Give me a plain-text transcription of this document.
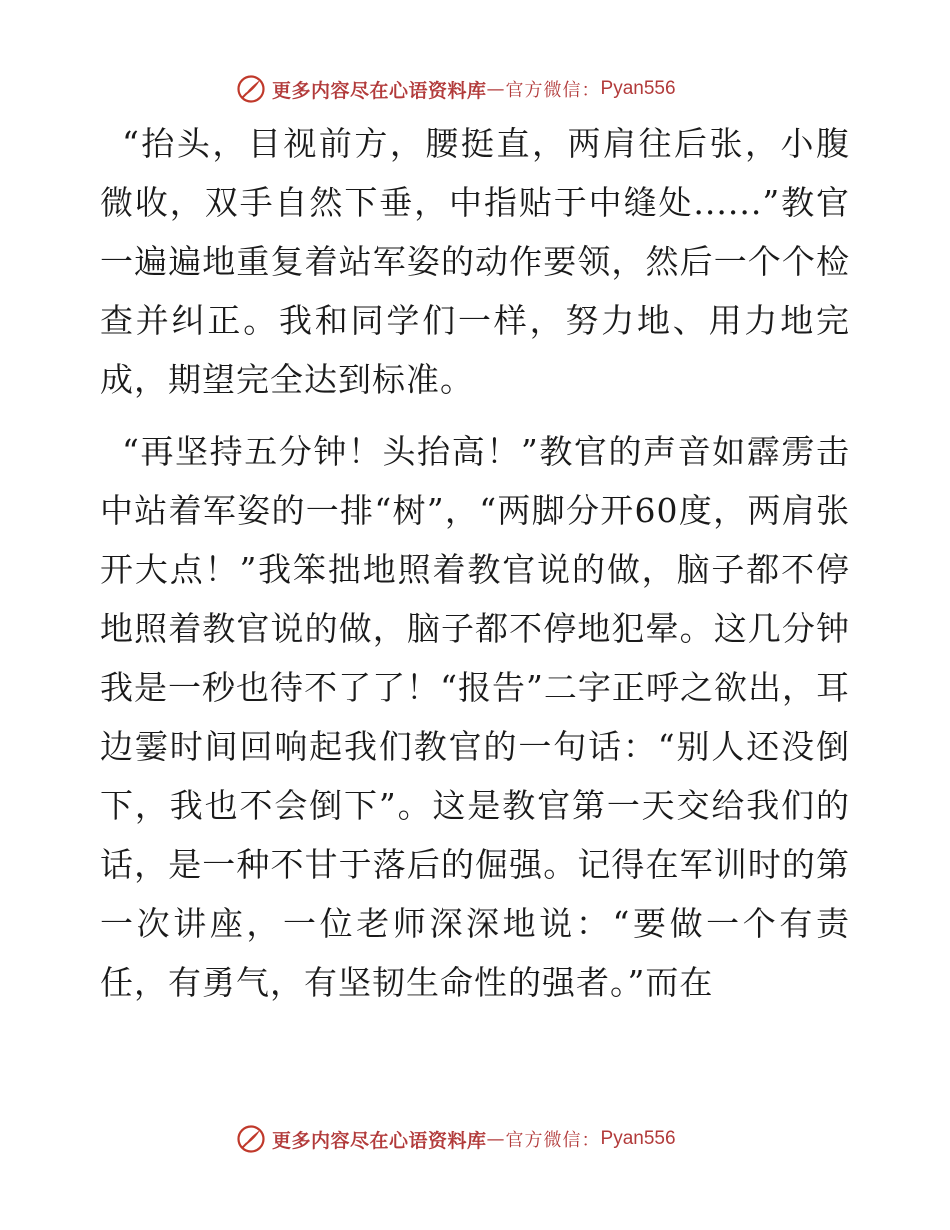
更多内容尽在心语资料库 — 官方微信： Pyan556

“抬头，目视前方，腰挺直，两肩往后张，小腹微收，双手自然下垂，中指贴于中缝处......”教官一遍遍地重复着站军姿的动作要领，然后一个个检查并纠正。我和同学们一样，努力地、用力地完成，期望完全达到标准。

“再坚持五分钟！头抬高！”教官的声音如霹雳击中站着军姿的一排“树”，“两脚分开60度，两肩张开大点！”我笨拙地照着教官说的做，脑子都不停地照着教官说的做，脑子都不停地犯晕。这几分钟我是一秒也待不了了！“报告”二字正呼之欲出，耳边霎时间回响起我们教官的一句话：“别人还没倒下，我也不会倒下”。这是教官第一天交给我们的话，是一种不甘于落后的倔强。记得在军训时的第一次讲座，一位老师深深地说：“要做一个有责任，有勇气，有坚韧生命性的强者。”而在

更多内容尽在心语资料库 — 官方微信： Pyan556
